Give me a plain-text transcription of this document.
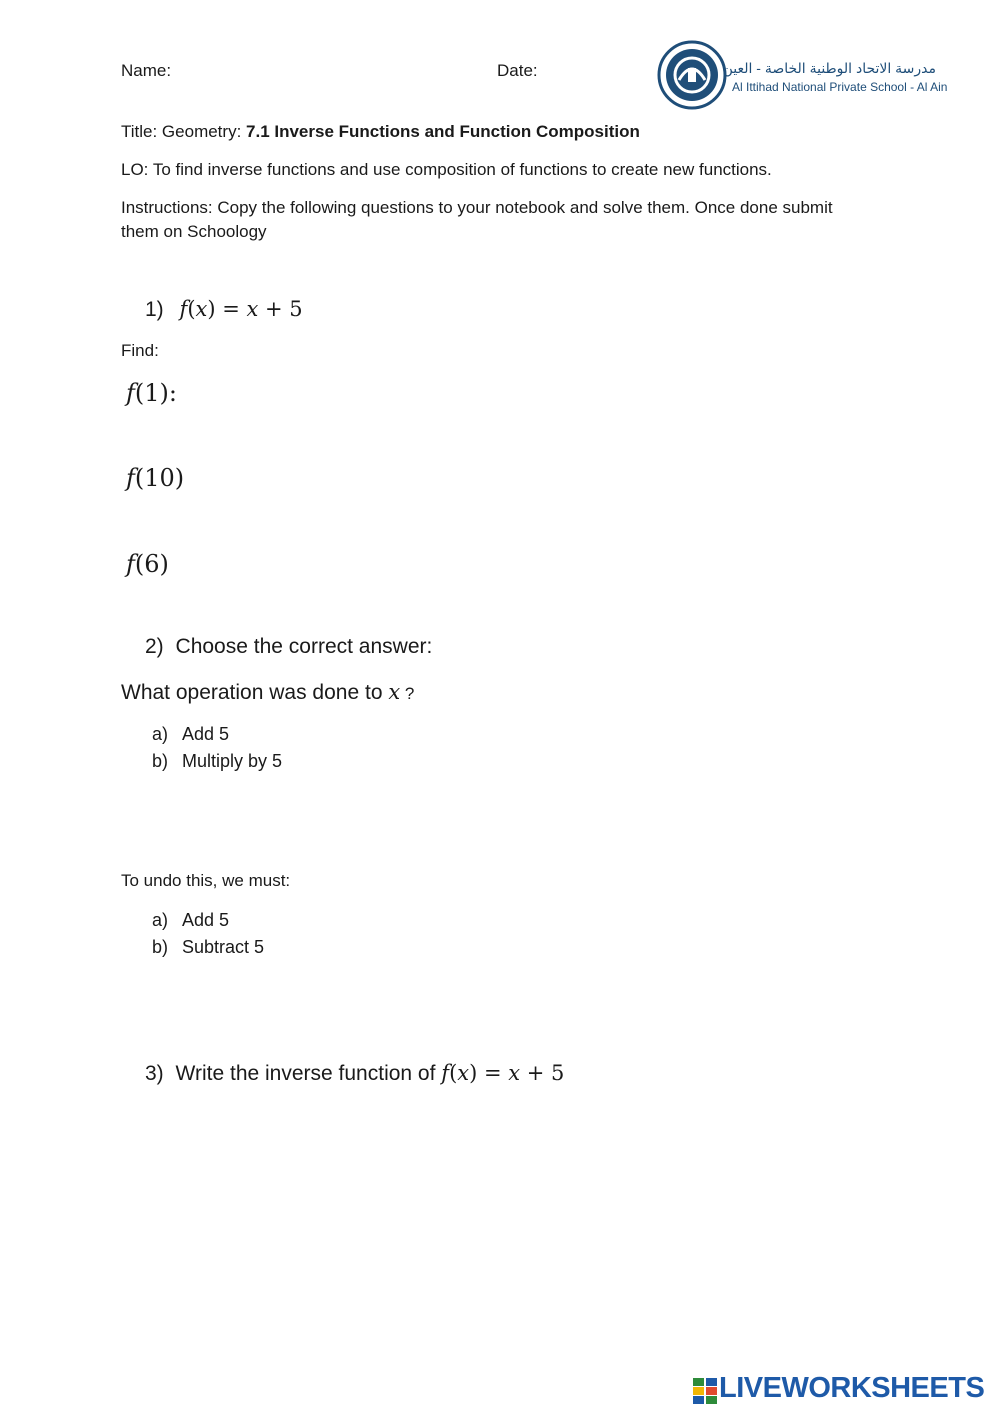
Name:	Date:	مدرسة الاتحاد الوطنية الخاصة - العين
Al Ittihad National Private School - Al Ain
Title: Geometry: 7.1 Inverse Functions and Function Composition
LO: To find inverse functions and use composition of functions to create new functions.
Instructions: Copy the following questions to your notebook and solve them. Once done submit
them on Schoology
1) f(x) = x + 5
Find:
f(1):
f(10)
f(6)
2) Choose the correct answer:
What operation was done to x ?
a) Add 5
b) Multiply by 5
To undo this, we must:
a) Add 5
b) Subtract 5
3) Write the inverse function of f(x) = x + 5
LIVEWORKSHEETS
